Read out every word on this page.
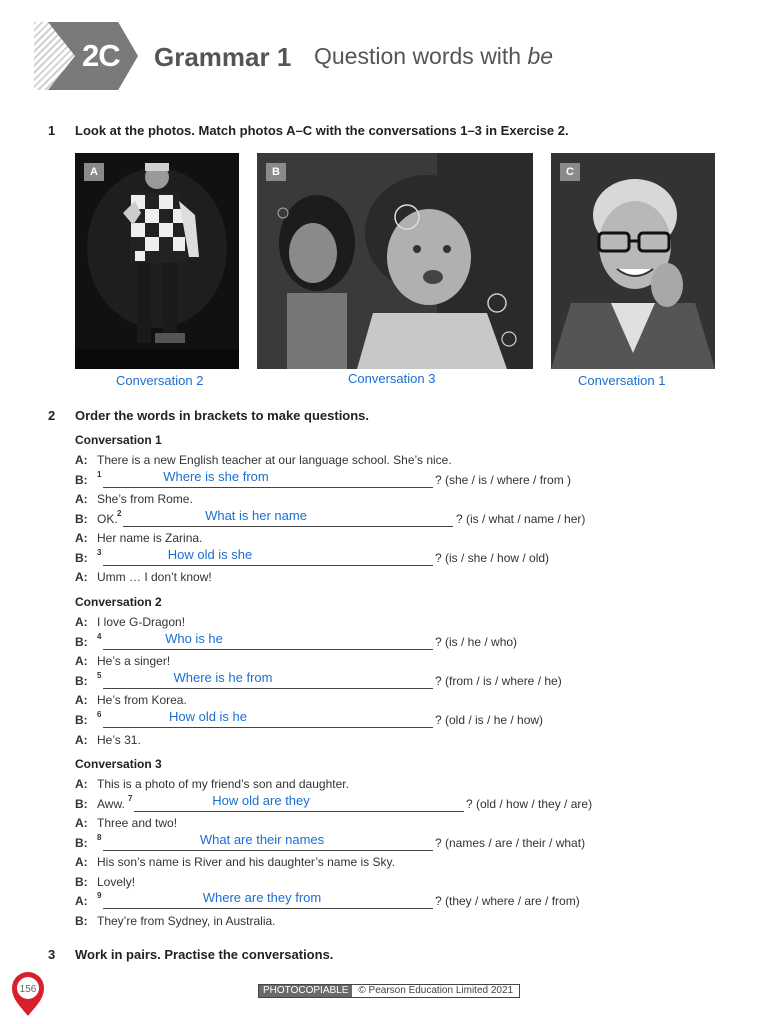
2C Grammar 1 Question words with be
1 Look at the photos. Match photos A–C with the conversations 1–3 in Exercise 2.
A
Conversation 2
B
Conversation 3
C
Conversation 1
2 Order the words in brackets to make questions.
Conversation 1
A: There is a new English teacher at our language school. She’s nice.
B: 1	Where is she from	? (she / is / where / from )
A: She’s from Rome.
B: OK. 2	What is her name	? (is / what / name / her)
A: Her name is Zarina.
B: 3	How old is she	? (is / she / how / old)
A: Umm … I don’t know!
Conversation 2
A: I love G-Dragon!
B: 4	Who is he	? (is / he / who)
A: He’s a singer!
B: 5	Where is he from	? (from / is / where / he)
A: He’s from Korea.
B: 6	How old is he	? (old / is / he / how)
A: He’s 31.
Conversation 3
A: This is a photo of my friend’s son and daughter.
B: Aww. 7	How old are they	? (old / how / they / are)
A: Three and two!
B: 8	What are their names	? (names / are / their / what)
A: His son’s name is River and his daughter’s name is Sky.
B: Lovely!
A: 9	Where are they from	? (they / where / are / from)
B: They’re from Sydney, in Australia.
3 Work in pairs. Practise the conversations.
156	PHOTOCOPIABLE	© Pearson Education Limited 2021
